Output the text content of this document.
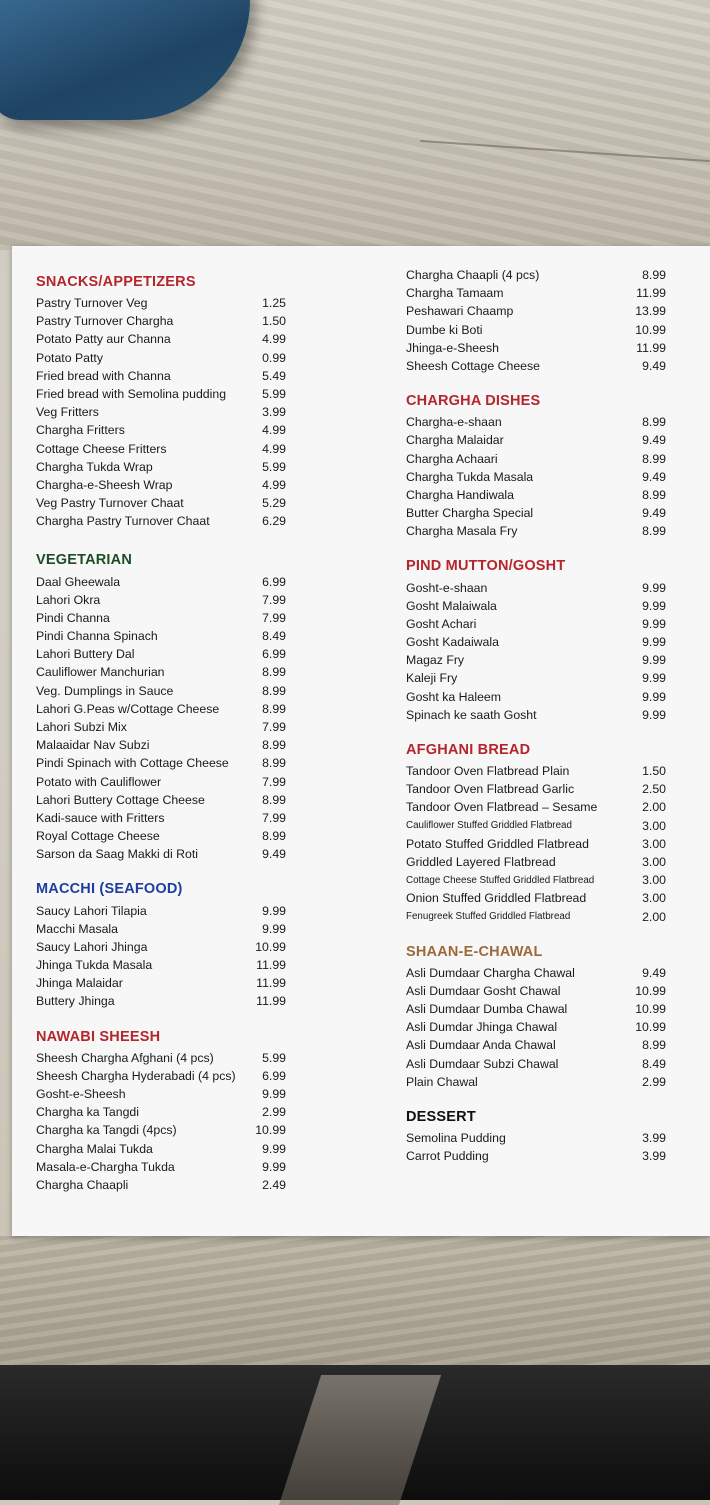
SNACKS/APPETIZERS
Pastry Turnover Veg	1.25
Pastry Turnover Chargha	1.50
Potato Patty aur Channa	4.99
Potato Patty	0.99
Fried bread with Channa	5.49
Fried bread with Semolina pudding	5.99
Veg Fritters	3.99
Chargha Fritters	4.99
Cottage Cheese Fritters	4.99
Chargha Tukda Wrap	5.99
Chargha-e-Sheesh Wrap	4.99
Veg Pastry Turnover Chaat	5.29
Chargha Pastry Turnover Chaat	6.29
VEGETARIAN
Daal Gheewala	6.99
Lahori Okra	7.99
Pindi Channa	7.99
Pindi Channa Spinach	8.49
Lahori Buttery Dal	6.99
Cauliflower Manchurian	8.99
Veg. Dumplings in Sauce	8.99
Lahori G.Peas w/Cottage Cheese	8.99
Lahori Subzi Mix	7.99
Malaaidar Nav Subzi	8.99
Pindi Spinach with Cottage Cheese	8.99
Potato with Cauliflower	7.99
Lahori Buttery Cottage Cheese	8.99
Kadi-sauce with Fritters	7.99
Royal Cottage Cheese	8.99
Sarson da Saag Makki di Roti	9.49
MACCHI (SEAFOOD)
Saucy Lahori Tilapia	9.99
Macchi Masala	9.99
Saucy Lahori Jhinga	10.99
Jhinga Tukda Masala	11.99
Jhinga Malaidar	11.99
Buttery Jhinga	11.99
NAWABI SHEESH
Sheesh Chargha Afghani (4 pcs)	5.99
Sheesh Chargha Hyderabadi (4 pcs)	6.99
Gosht-e-Sheesh	9.99
Chargha ka Tangdi	2.99
Chargha ka Tangdi (4pcs)	10.99
Chargha Malai Tukda	9.99
Masala-e-Chargha Tukda	9.99
Chargha Chaapli	2.49
Chargha Chaapli (4 pcs)	8.99
Chargha Tamaam	11.99
Peshawari Chaamp	13.99
Dumbe ki Boti	10.99
Jhinga-e-Sheesh	11.99
Sheesh Cottage Cheese	9.49
CHARGHA DISHES
Chargha-e-shaan	8.99
Chargha Malaidar	9.49
Chargha Achaari	8.99
Chargha Tukda Masala	9.49
Chargha Handiwala	8.99
Butter Chargha Special	9.49
Chargha Masala Fry	8.99
PIND MUTTON/GOSHT
Gosht-e-shaan	9.99
Gosht Malaiwala	9.99
Gosht Achari	9.99
Gosht Kadaiwala	9.99
Magaz Fry	9.99
Kaleji Fry	9.99
Gosht ka Haleem	9.99
Spinach ke saath Gosht	9.99
AFGHANI BREAD
Tandoor Oven Flatbread Plain	1.50
Tandoor Oven Flatbread Garlic	2.50
Tandoor Oven Flatbread – Sesame	2.00
Cauliflower Stuffed Griddled Flatbread	3.00
Potato Stuffed Griddled Flatbread	3.00
Griddled Layered Flatbread	3.00
Cottage Cheese Stuffed Griddled Flatbread	3.00
Onion Stuffed Griddled Flatbread	3.00
Fenugreek Stuffed Griddled Flatbread	2.00
SHAAN-E-CHAWAL
Asli Dumdaar Chargha Chawal	9.49
Asli Dumdaar Gosht Chawal	10.99
Asli Dumdaar Dumba Chawal	10.99
Asli Dumdar Jhinga Chawal	10.99
Asli Dumdaar Anda Chawal	8.99
Asli Dumdaar Subzi Chawal	8.49
Plain Chawal	2.99
DESSERT
Semolina Pudding	3.99
Carrot Pudding	3.99
